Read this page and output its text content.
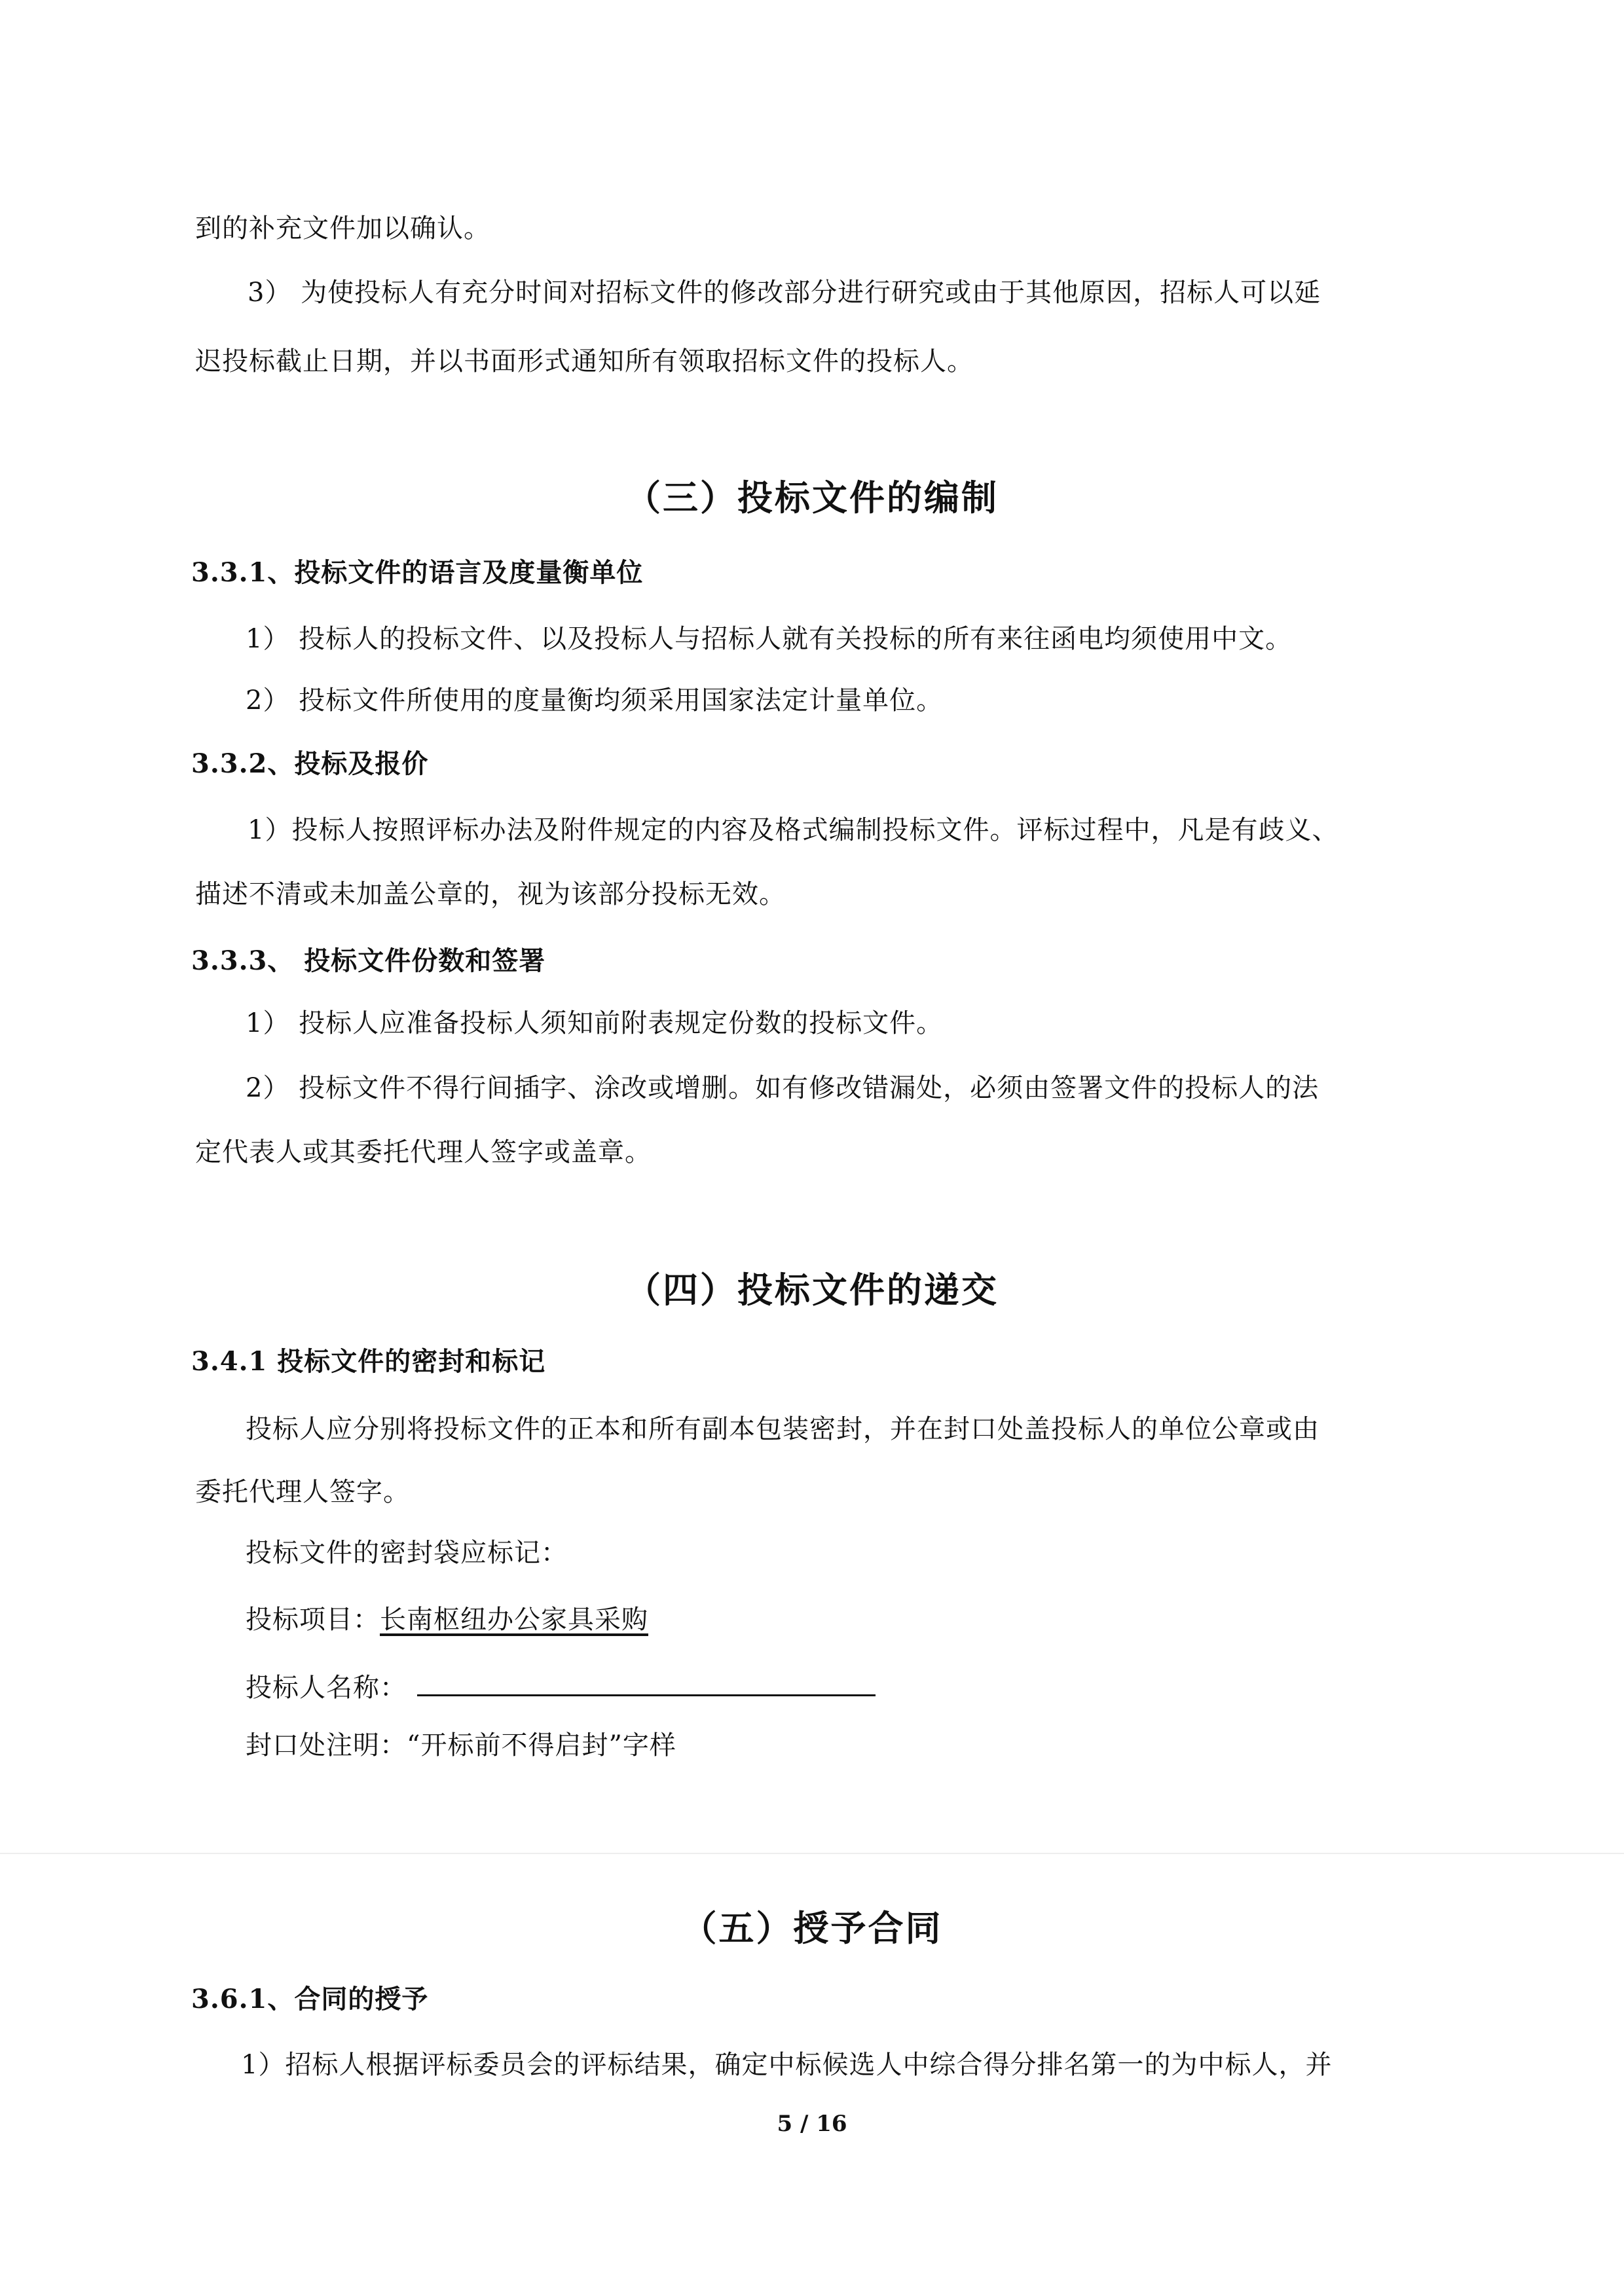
到的补充文件加以确认。
3） 为使投标人有充分时间对招标文件的修改部分进行研究或由于其他原因，招标人可以延
迟投标截止日期，并以书面形式通知所有领取招标文件的投标人。
（三）投标文件的编制
3.3.1、投标文件的语言及度量衡单位
1） 投标人的投标文件、以及投标人与招标人就有关投标的所有来往函电均须使用中文。
2） 投标文件所使用的度量衡均须采用国家法定计量单位。
3.3.2、投标及报价
1）投标人按照评标办法及附件规定的内容及格式编制投标文件。评标过程中，凡是有歧义、
描述不清或未加盖公章的，视为该部分投标无效。
3.3.3、 投标文件份数和签署
1） 投标人应准备投标人须知前附表规定份数的投标文件。
2） 投标文件不得行间插字、涂改或增删。如有修改错漏处，必须由签署文件的投标人的法
定代表人或其委托代理人签字或盖章。
（四）投标文件的递交
3.4.1 投标文件的密封和标记
投标人应分别将投标文件的正本和所有副本包装密封，并在封口处盖投标人的单位公章或由
委托代理人签字。
投标文件的密封袋应标记：
投标项目：长南枢纽办公家具采购
投标人名称：
封口处注明：“开标前不得启封”字样
（五）授予合同
3.6.1、合同的授予
1）招标人根据评标委员会的评标结果，确定中标候选人中综合得分排名第一的为中标人，并
5 / 16
